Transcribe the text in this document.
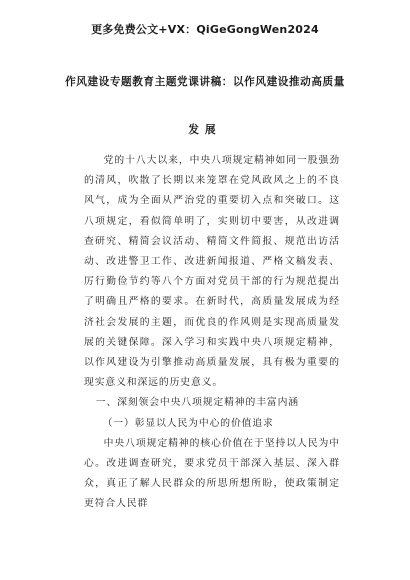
更多免费公文+VX：QiGeGongWen2024
作风建设专题教育主题党课讲稿：以作风建设推动高质量
发展

党的十八大以来，中央八项规定精神如同一股强劲的清风，吹散了长期以来笼罩在党风政风之上的不良风气，成为全面从严治党的重要切入点和突破口。这八项规定，看似简单明了，实则切中要害，从改进调查研究、精简会议活动、精简文件简报、规范出访活动、改进警卫工作、改进新闻报道、严格文稿发表、厉行勤俭节约等八个方面对党员干部的行为规范提出了明确且严格的要求。在新时代，高质量发展成为经济社会发展的主题，而优良的作风则是实现高质量发展的关键保障。深入学习和实践中央八项规定精神，以作风建设为引擎推动高质量发展，具有极为重要的现实意义和深远的历史意义。

一、深刻领会中央八项规定精神的丰富内涵
（一）彰显以人民为中心的价值追求

中央八项规定精神的核心价值在于坚持以人民为中心。改进调查研究，要求党员干部深入基层、深入群众，真正了解人民群众的所思所想所盼，使政策制定更符合人民群
